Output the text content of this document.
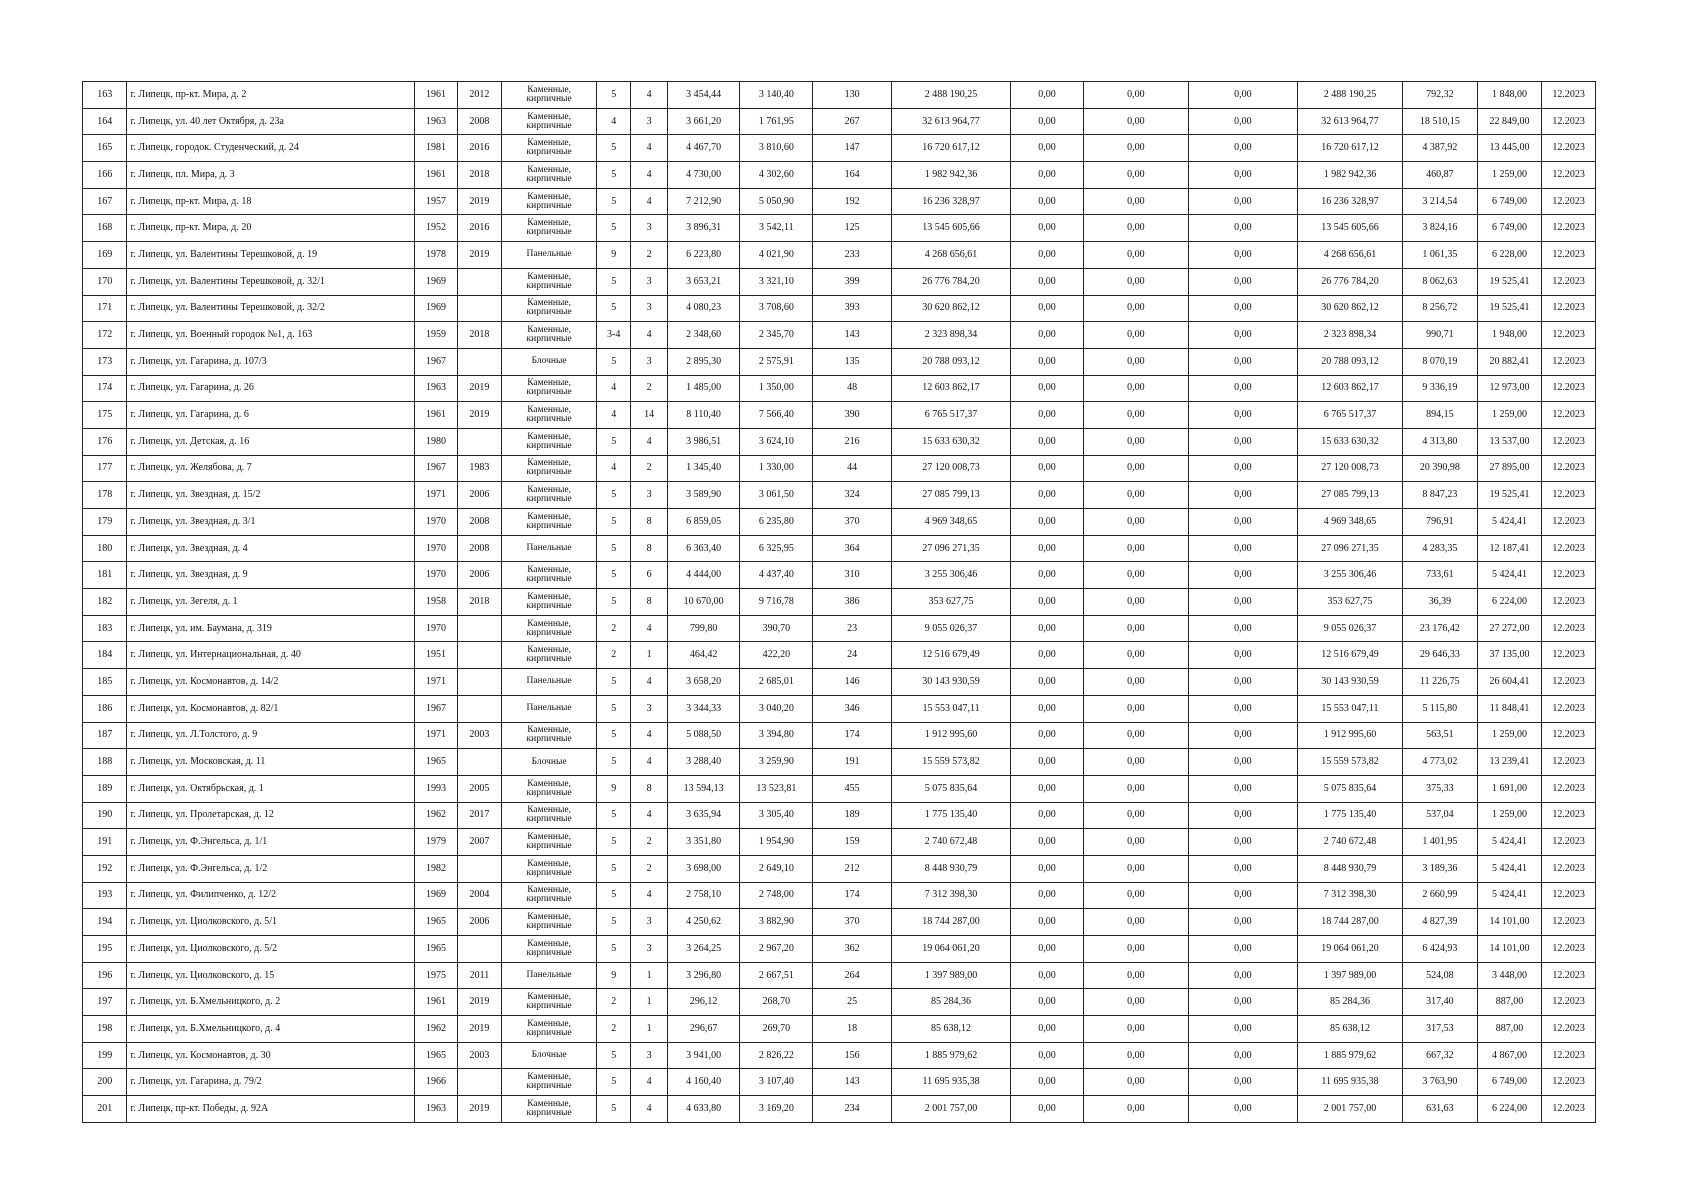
163	г. Липецк, пр-кт. Мира, д. 2	1961	2012	Каменные, кирпичные	5	4	3 454,44	3 140,40	130	2 488 190,25	0,00	0,00	0,00	2 488 190,25	792,32	1 848,00	12.2023
164	г. Липецк, ул. 40 лет Октября, д. 23а	1963	2008	Каменные, кирпичные	4	3	3 661,20	1 761,95	267	32 613 964,77	0,00	0,00	0,00	32 613 964,77	18 510,15	22 849,00	12.2023
165	г. Липецк, городок. Студенческий, д. 24	1981	2016	Каменные, кирпичные	5	4	4 467,70	3 810,60	147	16 720 617,12	0,00	0,00	0,00	16 720 617,12	4 387,92	13 445,00	12.2023
166	г. Липецк, пл. Мира, д. 3	1961	2018	Каменные, кирпичные	5	4	4 730,00	4 302,60	164	1 982 942,36	0,00	0,00	0,00	1 982 942,36	460,87	1 259,00	12.2023
167	г. Липецк, пр-кт. Мира, д. 18	1957	2019	Каменные, кирпичные	5	4	7 212,90	5 050,90	192	16 236 328,97	0,00	0,00	0,00	16 236 328,97	3 214,54	6 749,00	12.2023
168	г. Липецк, пр-кт. Мира, д. 20	1952	2016	Каменные, кирпичные	5	3	3 896,31	3 542,11	125	13 545 605,66	0,00	0,00	0,00	13 545 605,66	3 824,16	6 749,00	12.2023
169	г. Липецк, ул. Валентины Терешковой, д. 19	1978	2019	Панельные	9	2	6 223,80	4 021,90	233	4 268 656,61	0,00	0,00	0,00	4 268 656,61	1 061,35	6 228,00	12.2023
170	г. Липецк, ул. Валентины Терешковой, д. 32/1	1969		Каменные, кирпичные	5	3	3 653,21	3 321,10	399	26 776 784,20	0,00	0,00	0,00	26 776 784,20	8 062,63	19 525,41	12.2023
171	г. Липецк, ул. Валентины Терешковой, д. 32/2	1969		Каменные, кирпичные	5	3	4 080,23	3 708,60	393	30 620 862,12	0,00	0,00	0,00	30 620 862,12	8 256,72	19 525,41	12.2023
172	г. Липецк, ул. Военный городок №1, д. 163	1959	2018	Каменные, кирпичные	3-4	4	2 348,60	2 345,70	143	2 323 898,34	0,00	0,00	0,00	2 323 898,34	990,71	1 948,00	12.2023
173	г. Липецк, ул. Гагарина, д. 107/3	1967		Блочные	5	3	2 895,30	2 575,91	135	20 788 093,12	0,00	0,00	0,00	20 788 093,12	8 070,19	20 882,41	12.2023
174	г. Липецк, ул. Гагарина, д. 26	1963	2019	Каменные, кирпичные	4	2	1 485,00	1 350,00	48	12 603 862,17	0,00	0,00	0,00	12 603 862,17	9 336,19	12 973,00	12.2023
175	г. Липецк, ул. Гагарина, д. 6	1961	2019	Каменные, кирпичные	4	14	8 110,40	7 566,40	390	6 765 517,37	0,00	0,00	0,00	6 765 517,37	894,15	1 259,00	12.2023
176	г. Липецк, ул. Детская, д. 16	1980		Каменные, кирпичные	5	4	3 986,51	3 624,10	216	15 633 630,32	0,00	0,00	0,00	15 633 630,32	4 313,80	13 537,00	12.2023
177	г. Липецк, ул. Желябова, д. 7	1967	1983	Каменные, кирпичные	4	2	1 345,40	1 330,00	44	27 120 008,73	0,00	0,00	0,00	27 120 008,73	20 390,98	27 895,00	12.2023
178	г. Липецк, ул. Звездная, д. 15/2	1971	2006	Каменные, кирпичные	5	3	3 589,90	3 061,50	324	27 085 799,13	0,00	0,00	0,00	27 085 799,13	8 847,23	19 525,41	12.2023
179	г. Липецк, ул. Звездная, д. 3/1	1970	2008	Каменные, кирпичные	5	8	6 859,05	6 235,80	370	4 969 348,65	0,00	0,00	0,00	4 969 348,65	796,91	5 424,41	12.2023
180	г. Липецк, ул. Звездная, д. 4	1970	2008	Панельные	5	8	6 363,40	6 325,95	364	27 096 271,35	0,00	0,00	0,00	27 096 271,35	4 283,35	12 187,41	12.2023
181	г. Липецк, ул. Звездная, д. 9	1970	2006	Каменные, кирпичные	5	6	4 444,00	4 437,40	310	3 255 306,46	0,00	0,00	0,00	3 255 306,46	733,61	5 424,41	12.2023
182	г. Липецк, ул. Зегеля, д. 1	1958	2018	Каменные, кирпичные	5	8	10 670,00	9 716,78	386	353 627,75	0,00	0,00	0,00	353 627,75	36,39	6 224,00	12.2023
183	г. Липецк, ул. им. Баумана, д. 319	1970		Каменные, кирпичные	2	4	799,80	390,70	23	9 055 026,37	0,00	0,00	0,00	9 055 026,37	23 176,42	27 272,00	12.2023
184	г. Липецк, ул. Интернациональная, д. 40	1951		Каменные, кирпичные	2	1	464,42	422,20	24	12 516 679,49	0,00	0,00	0,00	12 516 679,49	29 646,33	37 135,00	12.2023
185	г. Липецк, ул. Космонавтов, д. 14/2	1971		Панельные	5	4	3 658,20	2 685,01	146	30 143 930,59	0,00	0,00	0,00	30 143 930,59	11 226,75	26 604,41	12.2023
186	г. Липецк, ул. Космонавтов, д. 82/1	1967		Панельные	5	3	3 344,33	3 040,20	346	15 553 047,11	0,00	0,00	0,00	15 553 047,11	5 115,80	11 848,41	12.2023
187	г. Липецк, ул. Л.Толстого, д. 9	1971	2003	Каменные, кирпичные	5	4	5 088,50	3 394,80	174	1 912 995,60	0,00	0,00	0,00	1 912 995,60	563,51	1 259,00	12.2023
188	г. Липецк, ул. Московская, д. 11	1965		Блочные	5	4	3 288,40	3 259,90	191	15 559 573,82	0,00	0,00	0,00	15 559 573,82	4 773,02	13 239,41	12.2023
189	г. Липецк, ул. Октябрьская, д. 1	1993	2005	Каменные, кирпичные	9	8	13 594,13	13 523,81	455	5 075 835,64	0,00	0,00	0,00	5 075 835,64	375,33	1 691,00	12.2023
190	г. Липецк, ул. Пролетарская, д. 12	1962	2017	Каменные, кирпичные	5	4	3 635,94	3 305,40	189	1 775 135,40	0,00	0,00	0,00	1 775 135,40	537,04	1 259,00	12.2023
191	г. Липецк, ул. Ф.Энгельса, д. 1/1	1979	2007	Каменные, кирпичные	5	2	3 351,80	1 954,90	159	2 740 672,48	0,00	0,00	0,00	2 740 672,48	1 401,95	5 424,41	12.2023
192	г. Липецк, ул. Ф.Энгельса, д. 1/2	1982		Каменные, кирпичные	5	2	3 698,00	2 649,10	212	8 448 930,79	0,00	0,00	0,00	8 448 930,79	3 189,36	5 424,41	12.2023
193	г. Липецк, ул. Филипченко, д. 12/2	1969	2004	Каменные, кирпичные	5	4	2 758,10	2 748,00	174	7 312 398,30	0,00	0,00	0,00	7 312 398,30	2 660,99	5 424,41	12.2023
194	г. Липецк, ул. Циолковского, д. 5/1	1965	2006	Каменные, кирпичные	5	3	4 250,62	3 882,90	370	18 744 287,00	0,00	0,00	0,00	18 744 287,00	4 827,39	14 101,00	12.2023
195	г. Липецк, ул. Циолковского, д. 5/2	1965		Каменные, кирпичные	5	3	3 264,25	2 967,20	362	19 064 061,20	0,00	0,00	0,00	19 064 061,20	6 424,93	14 101,00	12.2023
196	г. Липецк, ул. Циолковского, д. 15	1975	2011	Панельные	9	1	3 296,80	2 667,51	264	1 397 989,00	0,00	0,00	0,00	1 397 989,00	524,08	3 448,00	12.2023
197	г. Липецк, ул. Б.Хмельницкого, д. 2	1961	2019	Каменные, кирпичные	2	1	296,12	268,70	25	85 284,36	0,00	0,00	0,00	85 284,36	317,40	887,00	12.2023
198	г. Липецк, ул. Б.Хмельницкого, д. 4	1962	2019	Каменные, кирпичные	2	1	296,67	269,70	18	85 638,12	0,00	0,00	0,00	85 638,12	317,53	887,00	12.2023
199	г. Липецк, ул. Космонавтов, д. 30	1965	2003	Блочные	5	3	3 941,00	2 826,22	156	1 885 979,62	0,00	0,00	0,00	1 885 979,62	667,32	4 867,00	12.2023
200	г. Липецк, ул. Гагарина, д. 79/2	1966		Каменные, кирпичные	5	4	4 160,40	3 107,40	143	11 695 935,38	0,00	0,00	0,00	11 695 935,38	3 763,90	6 749,00	12.2023
201	г. Липецк, пр-кт. Победы, д. 92А	1963	2019	Каменные, кирпичные	5	4	4 633,80	3 169,20	234	2 001 757,00	0,00	0,00	0,00	2 001 757,00	631,63	6 224,00	12.2023
